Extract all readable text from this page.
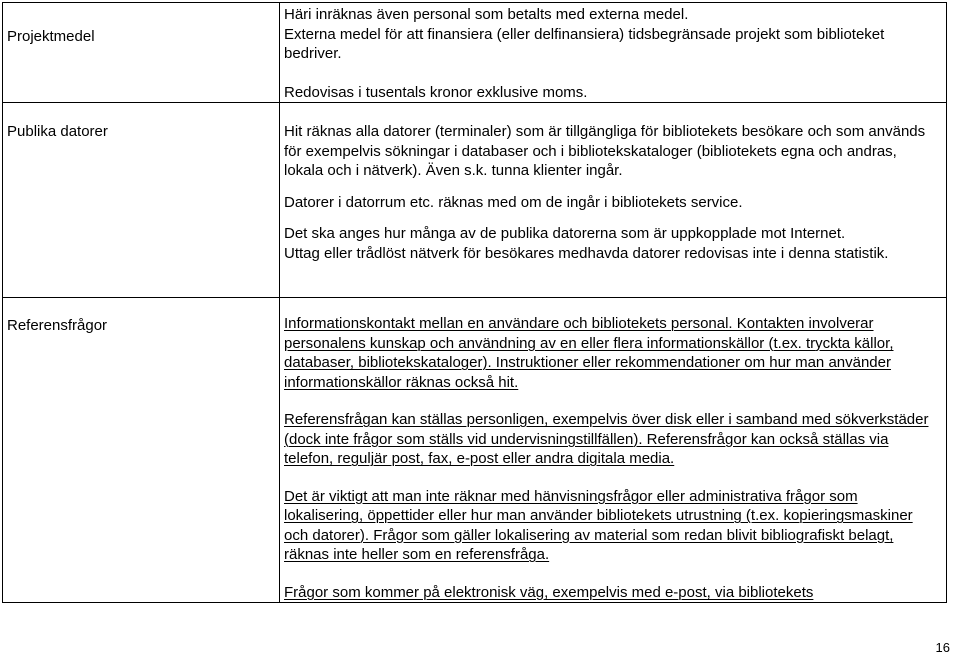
Projektmedel	Häri inräknas även personal som betalts med externa medel.

Externa medel för att finansiera (eller delfinansiera) tidsbegränsade projekt som biblioteket bedriver.

Redovisas i tusentals kronor exklusive moms.

Publika datorer	Hit räknas alla datorer (terminaler) som är tillgängliga för bibliotekets besökare och som används för exempelvis sökningar i databaser och i bibliotekskataloger (bibliotekets egna och andras, lokala och i nätverk). Även s.k. tunna klienter ingår.

Datorer i datorrum etc. räknas med om de ingår i bibliotekets service.

Det ska anges hur många av de publika datorerna som är uppkopplade mot Internet.

Uttag eller trådlöst nätverk för besökares medhavda datorer redovisas inte i denna statistik.

Referensfrågor	Informationskontakt mellan en användare och bibliotekets personal. Kontakten involverar personalens kunskap och användning av en eller flera informationskällor (t.ex. tryckta källor, databaser, bibliotekskataloger). Instruktioner eller rekommendationer om hur man använder informationskällor räknas också hit.

Referensfrågan kan ställas personligen, exempelvis över disk eller i samband med sökverkstäder (dock inte frågor som ställs vid undervisningstillfällen). Referensfrågor kan också ställas via telefon, reguljär post, fax, e-post eller andra digitala media.

Det är viktigt att man inte räknar med hänvisningsfrågor eller administrativa frågor som lokalisering, öppettider eller hur man använder bibliotekets utrustning (t.ex. kopieringsmaskiner och datorer). Frågor som gäller lokalisering av material som redan blivit bibliografiskt belagt, räknas inte heller som en referensfråga.

Frågor som kommer på elektronisk väg, exempelvis med e-post, via bibliotekets

16
